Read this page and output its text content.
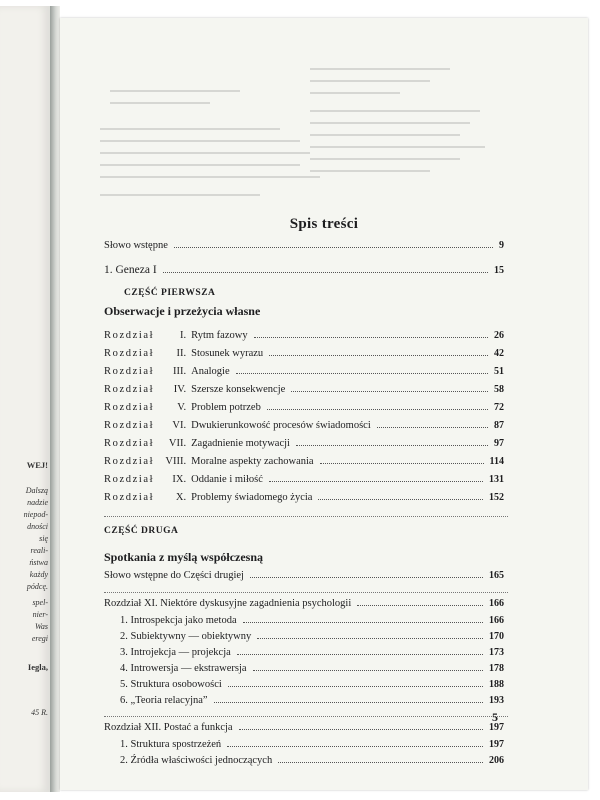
WEJ!
Dalszą
nadzie
niepod-
dności
się
reali-
ństwa
każdy
pódcę.
spel-
nier-
Was
eregi
Iegla,
45 R.
Spis treści
Słowo wstępne	9
1. Geneza I	15
CZĘŚĆ PIERWSZA
Obserwacje i przeżycia własne
Rozdział	I. Rytm fazowy	26
Rozdział	II. Stosunek wyrazu	42
Rozdział	III. Analogie	51
Rozdział	IV. Szersze konsekwencje	58
Rozdział	V. Problem potrzeb	72
Rozdział	VI. Dwukierunkowość procesów świadomości	87
Rozdział	VII. Zagadnienie motywacji	97
Rozdział	VIII. Moralne aspekty zachowania	114
Rozdział	IX. Oddanie i miłość	131
Rozdział	X. Problemy świadomego życia	152
CZĘŚĆ DRUGA
Spotkania z myślą współczesną
Słowo wstępne do Części drugiej	165
Rozdział XI. Niektóre dyskusyjne zagadnienia psychologii	166
1. Introspekcja jako metoda	166
2. Subiektywny — obiektywny	170
3. Introjekcja — projekcja	173
4. Introwersja — ekstrawersja	178
5. Struktura osobowości	188
6. „Teoria relacyjna”	193
Rozdział XII. Postać a funkcja	197
1. Struktura spostrzeżeń	197
2. Źródła właściwości jednoczących	206
5
